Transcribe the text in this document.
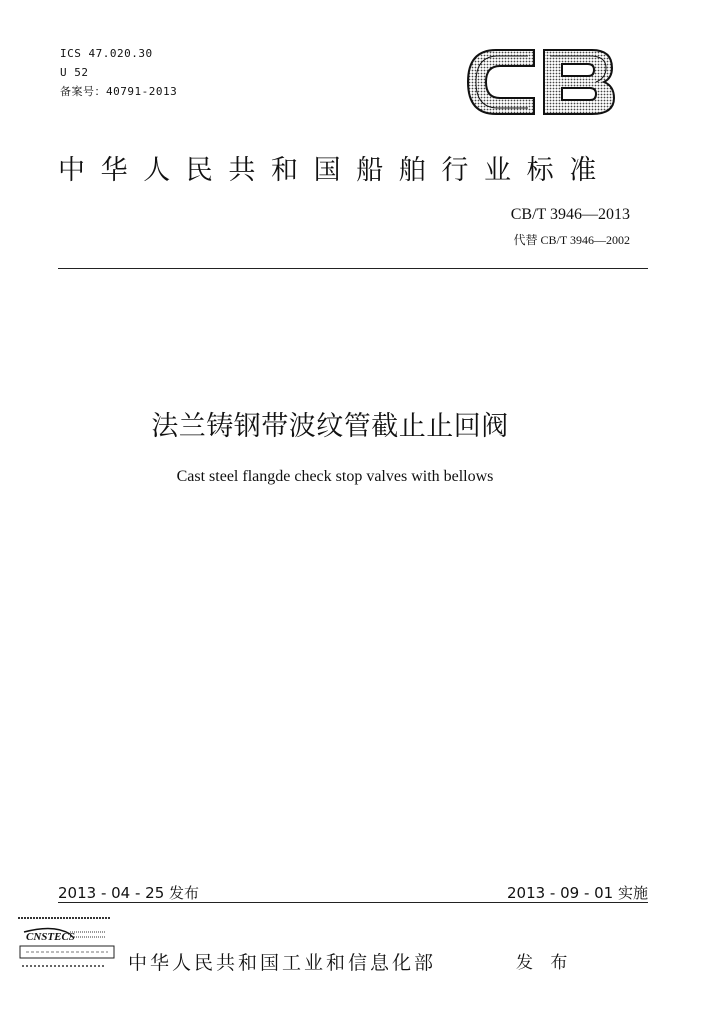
ICS 47.020.30
U 52
备案号：40791-2013
中华人民共和国船舶行业标准
CB/T 3946—2013
代替 CB/T 3946—2002
法兰铸钢带波纹管截止止回阀
Cast steel flangde check stop valves with bellows
2013 - 04 - 25 发布	2013 - 09 - 01 实施
CNSTECS
中华人民共和国工业和信息化部	发 布
